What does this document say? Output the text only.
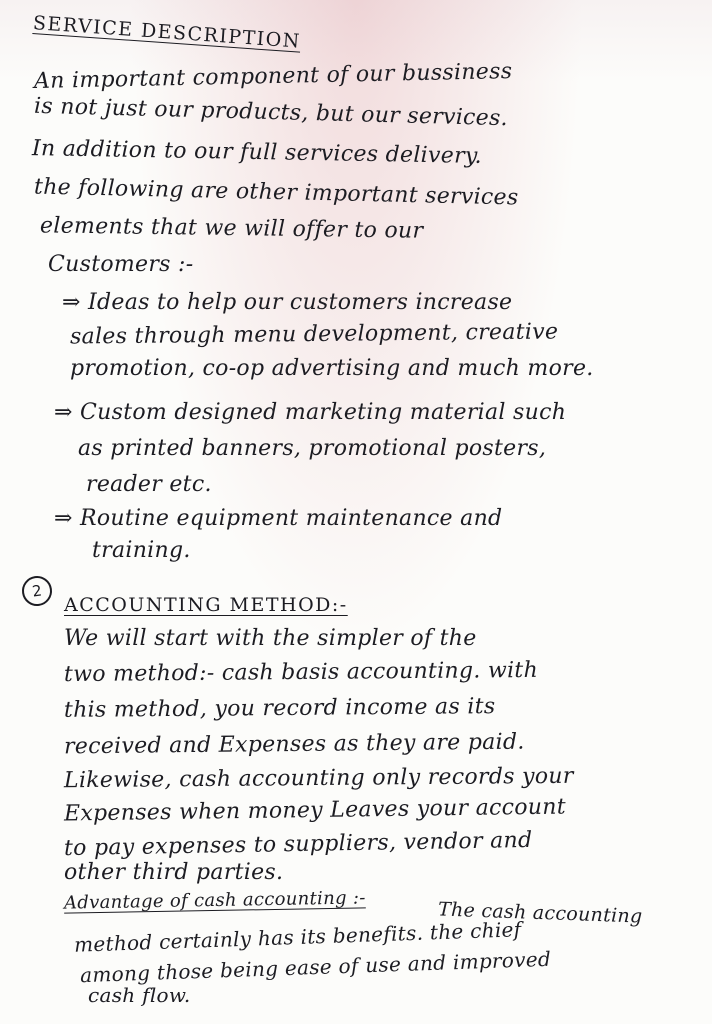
SERVICE DESCRIPTION
An important component of our bussiness
is not just our products, but our services.
In addition to our full services delivery.
the following are other important services
elements that we will offer to our
Customers :-
⇒ Ideas to help our customers increase
sales through menu development, creative
promotion, co-op advertising and much more.
⇒ Custom designed marketing material such
as printed banners, promotional posters,
reader etc.
⇒ Routine equipment maintenance and
training.
2
ACCOUNTING METHOD:-
We will start with the simpler of the
two method:- cash basis accounting. with
this method, you record income as its
received and Expenses as they are paid.
Likewise, cash accounting only records your
Expenses when money Leaves your account
to pay expenses to suppliers, vendor and
other third parties.
Advantage of cash accounting :-	The cash accounting
method certainly has its benefits. the chief
among those being ease of use and improved
cash flow.
